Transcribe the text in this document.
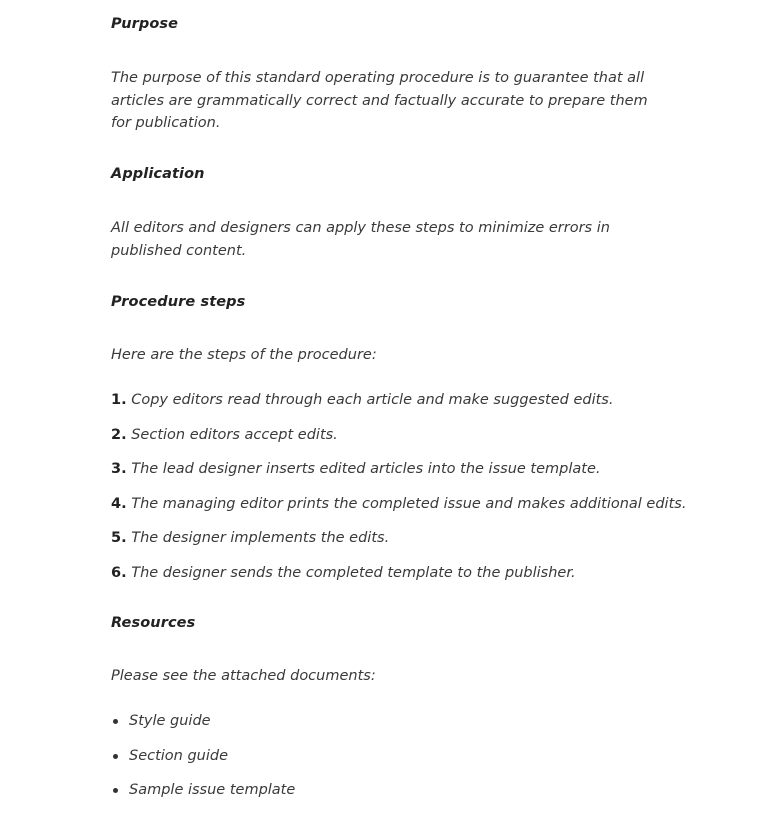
Purpose

The purpose of this standard operating procedure is to guarantee that all articles are grammatically correct and factually accurate to prepare them for publication.

Application

All editors and designers can apply these steps to minimize errors in published content.

Procedure steps

Here are the steps of the procedure:

1. Copy editors read through each article and make suggested edits.
2. Section editors accept edits.
3. The lead designer inserts edited articles into the issue template.
4. The managing editor prints the completed issue and makes additional edits.
5. The designer implements the edits.
6. The designer sends the completed template to the publisher.
Resources

Please see the attached documents:

Style guide
Section guide
Sample issue template
